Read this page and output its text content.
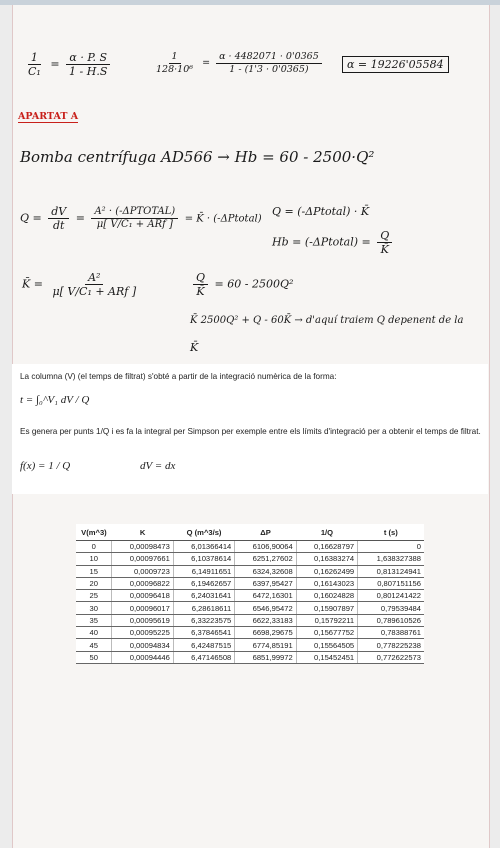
$\frac{1}{\text{C₁}} = \frac{\alpha \cdot P. S}{1 - H.S}$	$\frac{1}{\text{128·10⁶}} = \frac{\alpha \cdot 4482071 \cdot 0'0365}{1 - (1'3 \cdot 0'0365)}$	α = 19226'05584
APARTAT A
Bomba centrífuga AD566 → Hb = 60 - 2500·Q²
$Q = \frac{dV}{dt} = \frac{\text{A² · (-ΔPTOTAL)}}{\text{μ[ V/C₁ + ARf ]}}$ = K̄ · (-ΔPtotal)
Q = (-ΔPtotal) · K̄
Hb = (-ΔPtotal) = $\frac{Q}{K̄}$
K̄ = $\frac{\text{A²}}{\text{μ[ V/C₁ + ARf ]}}$	$\frac{Q}{K̄} = 60 - 2500Q^2$
K̄ 2500Q² + Q - 60K̄ → d'aquí traiem Q depenent de la
K̄
La columna (V) (el temps de filtrat) s'obté a partir de la integració numèrica de la forma:
t = ∫₀^V₁ dV / Q
Es genera per punts 1/Q i es fa la integral per Simpson per exemple entre els límits d'integració per a obtenir el temps de filtrat.
f(x) = 1 / Q	dV = dx
V(m^3)	K	Q (m^3/s)	ΔP	1/Q	t (s)
0	0,00098473	6,01366414	6106,90064	0,16628797	0
10	0,00097661	6,10378614	6251,27602	0,16383274	1,638327388
15	0,0009723	6,14911651	6324,32608	0,16262499	0,813124941
20	0,00096822	6,19462657	6397,95427	0,16143023	0,807151156
25	0,00096418	6,24031641	6472,16301	0,16024828	0,801241422
30	0,00096017	6,28618611	6546,95472	0,15907897	0,79539484
35	0,00095619	6,33223575	6622,33183	0,15792211	0,789610526
40	0,00095225	6,37846541	6698,29675	0,15677752	0,78388761
45	0,00094834	6,42487515	6774,85191	0,15564505	0,778225238
50	0,00094446	6,47146508	6851,99972	0,15452451	0,772622573
